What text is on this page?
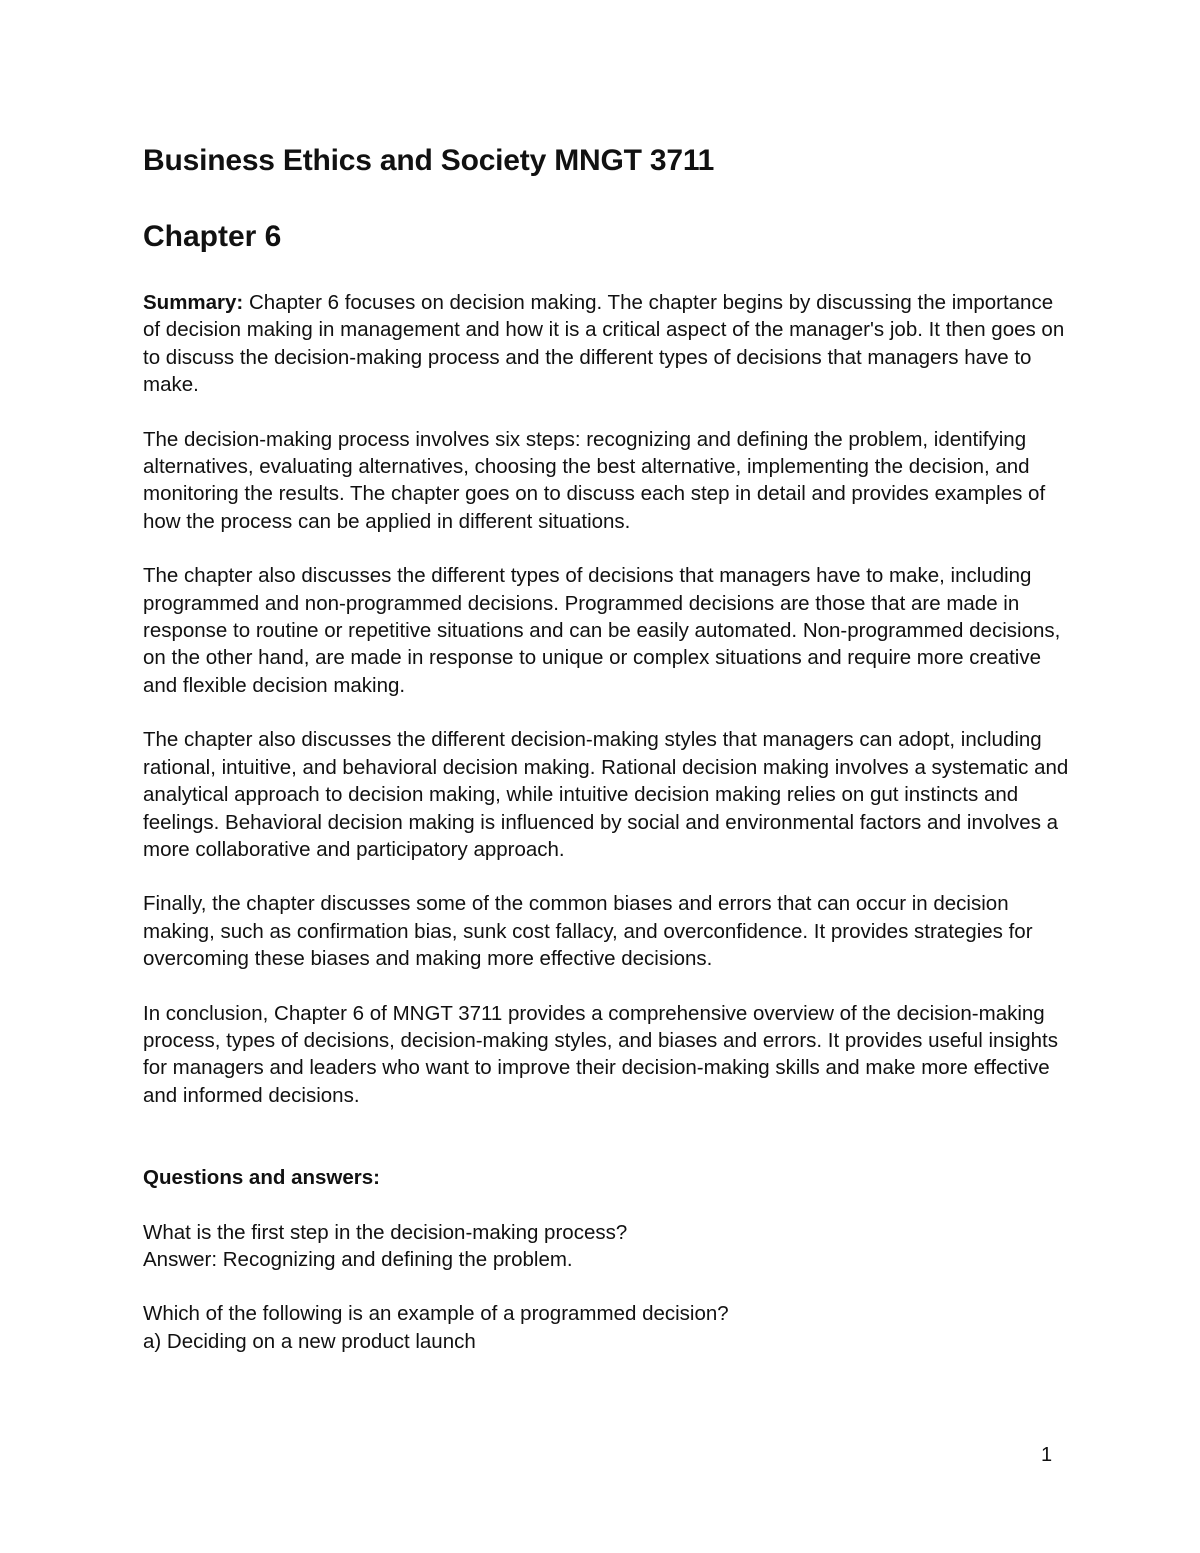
Business Ethics and Society MNGT 3711
Chapter 6

Summary: Chapter 6 focuses on decision making. The chapter begins by discussing the importance of decision making in management and how it is a critical aspect of the manager's job. It then goes on to discuss the decision-making process and the different types of decisions that managers have to make.

The decision-making process involves six steps: recognizing and defining the problem, identifying alternatives, evaluating alternatives, choosing the best alternative, implementing the decision, and monitoring the results. The chapter goes on to discuss each step in detail and provides examples of how the process can be applied in different situations.

The chapter also discusses the different types of decisions that managers have to make, including programmed and non-programmed decisions. Programmed decisions are those that are made in response to routine or repetitive situations and can be easily automated. Non-programmed decisions, on the other hand, are made in response to unique or complex situations and require more creative and flexible decision making.

The chapter also discusses the different decision-making styles that managers can adopt, including rational, intuitive, and behavioral decision making. Rational decision making involves a systematic and analytical approach to decision making, while intuitive decision making relies on gut instincts and feelings. Behavioral decision making is influenced by social and environmental factors and involves a more collaborative and participatory approach.

Finally, the chapter discusses some of the common biases and errors that can occur in decision making, such as confirmation bias, sunk cost fallacy, and overconfidence. It provides strategies for overcoming these biases and making more effective decisions.

In conclusion, Chapter 6 of MNGT 3711 provides a comprehensive overview of the decision-making process, types of decisions, decision-making styles, and biases and errors. It provides useful insights for managers and leaders who want to improve their decision-making skills and make more effective and informed decisions.

Questions and answers:

What is the first step in the decision-making process?

Answer: Recognizing and defining the problem.

Which of the following is an example of a programmed decision?

a) Deciding on a new product launch

1
